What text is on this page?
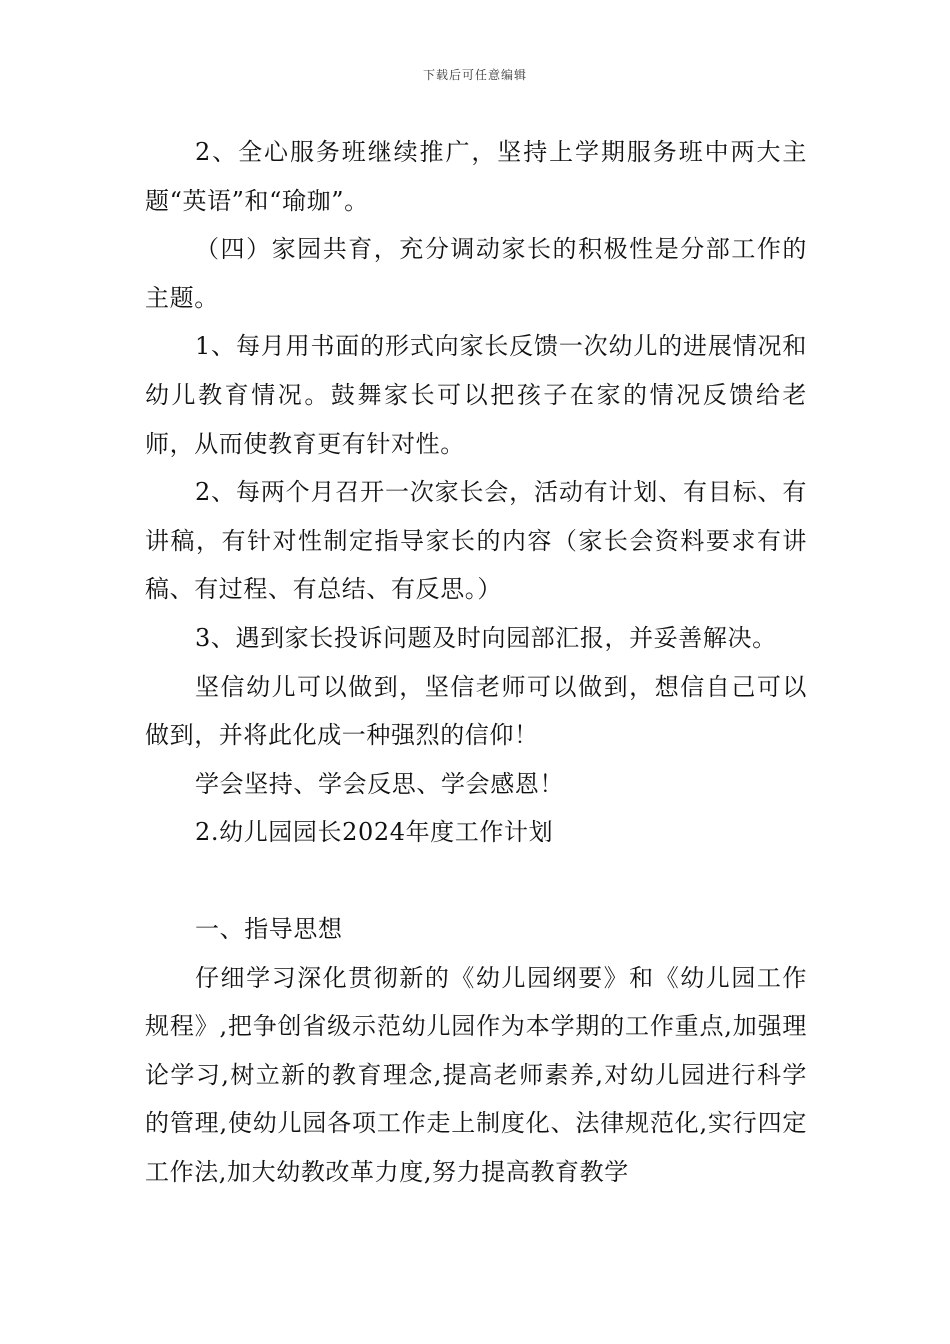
下载后可任意编辑

2、全心服务班继续推广，坚持上学期服务班中两大主题“英语”和“瑜珈”。

（四）家园共育，充分调动家长的积极性是分部工作的主题。

1、每月用书面的形式向家长反馈一次幼儿的进展情况和幼儿教育情况。鼓舞家长可以把孩子在家的情况反馈给老师，从而使教育更有针对性。

2、每两个月召开一次家长会，活动有计划、有目标、有讲稿，有针对性制定指导家长的内容（家长会资料要求有讲稿、有过程、有总结、有反思。）

3、遇到家长投诉问题及时向园部汇报，并妥善解决。

坚信幼儿可以做到，坚信老师可以做到，想信自己可以做到，并将此化成一种强烈的信仰！

学会坚持、学会反思、学会感恩！

2.幼儿园园长2024年度工作计划

一、指导思想

仔细学习深化贯彻新的《幼儿园纲要》和《幼儿园工作规程》,把争创省级示范幼儿园作为本学期的工作重点,加强理论学习,树立新的教育理念,提高老师素养,对幼儿园进行科学的管理,使幼儿园各项工作走上制度化、法律规范化,实行四定工作法,加大幼教改革力度,努力提高教育教学
